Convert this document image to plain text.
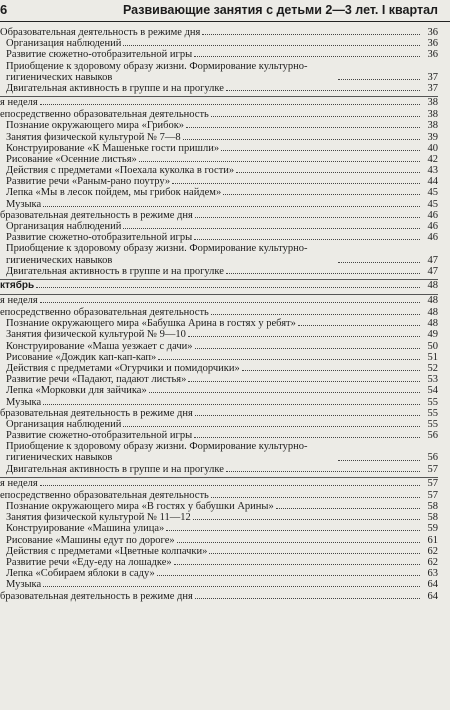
6	Развивающие занятия с детьми 2—3 лет. I квартал
Образовательная деятельность в режиме дня	36
Организация наблюдений	36
Развитие сюжетно-отобразительной игры	36
Приобщение к здоровому образу жизни. Формирование культурно-гигиенических навыков	37
Двигательная активность в группе и на прогулке	37
я неделя	38
епосредственно образовательная деятельность	38
Познание окружающего мира «Грибок»	38
Занятия физической культурой № 7—8	39
Конструирование «К Машеньке гости пришли»	40
Рисование «Осенние листья»	42
Действия с предметами «Поехала куколка в гости»	43
Развитие речи «Раным-рано поутру»	44
Лепка «Мы в лесок пойдем, мы грибок найдем»	45
Музыка	45
бразовательная деятельность в режиме дня	46
Организация наблюдений	46
Развитие сюжетно-отобразительной игры	46
Приобщение к здоровому образу жизни. Формирование культурно-гигиенических навыков	47
Двигательная активность в группе и на прогулке	47
ктябрь	48
я неделя	48
епосредственно образовательная деятельность	48
Познание окружающего мира «Бабушка Арина в гостях у ребят»	48
Занятия физической культурой № 9—10	49
Конструирование «Маша уезжает с дачи»	50
Рисование «Дождик кап-кап-кап»	51
Действия с предметами «Огурчики и помидорчики»	52
Развитие речи «Падают, падают листья»	53
Лепка «Морковки для зайчика»	54
Музыка	55
бразовательная деятельность в режиме дня	55
Организация наблюдений	55
Развитие сюжетно-отобразительной игры	56
Приобщение к здоровому образу жизни. Формирование культурно-гигиенических навыков	56
Двигательная активность в группе и на прогулке	57
я неделя	57
епосредственно образовательная деятельность	57
Познание окружающего мира «В гостях у бабушки Арины»	58
Занятия физической культурой № 11—12	58
Конструирование «Машина улица»	59
Рисование «Машины едут по дороге»	61
Действия с предметами «Цветные колпачки»	62
Развитие речи «Еду-еду на лошадке»	62
Лепка «Собираем яблоки в саду»	63
Музыка	64
бразовательная деятельность в режиме дня	64
